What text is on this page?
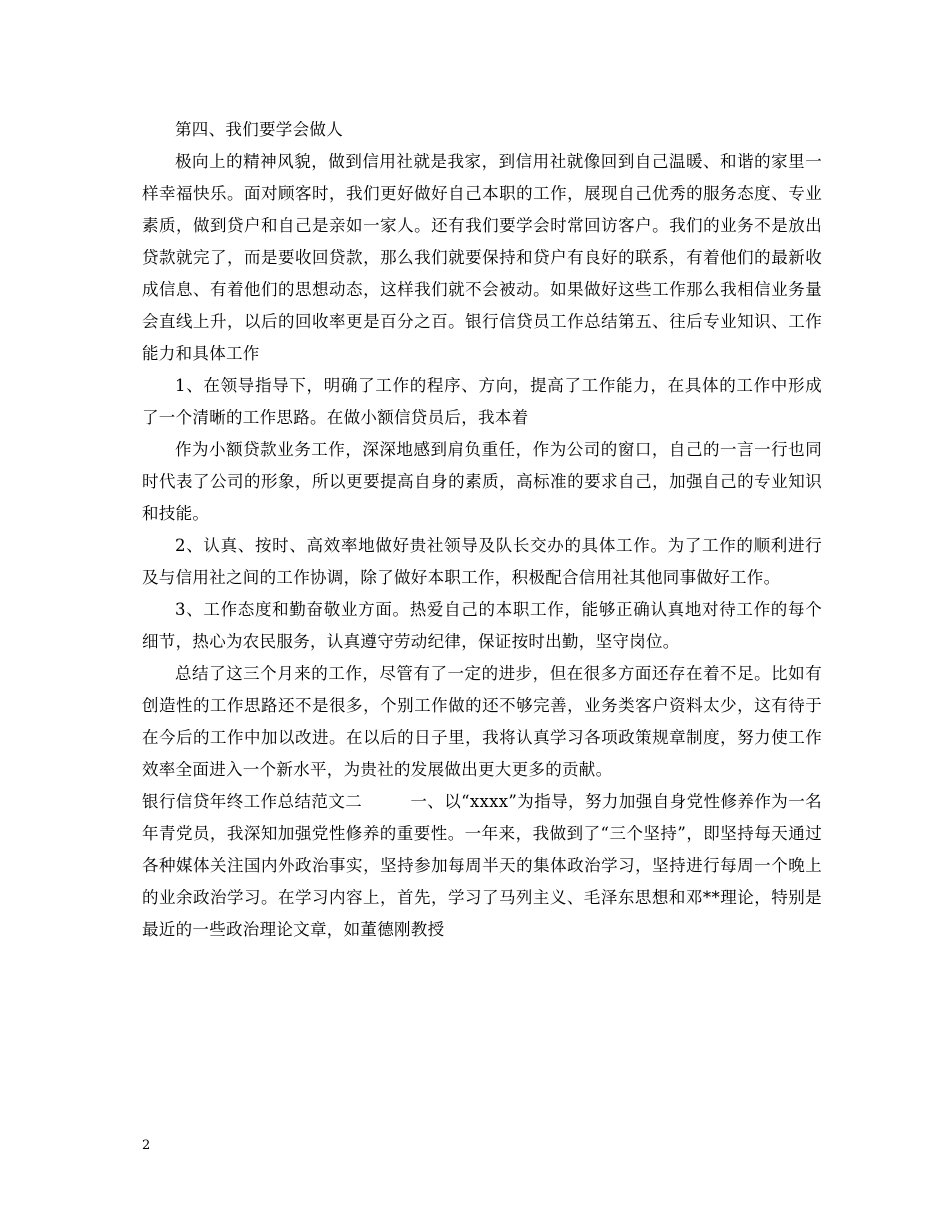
第四、我们要学会做人

极向上的精神风貌，做到信用社就是我家，到信用社就像回到自己温暖、和谐的家里一样幸福快乐。面对顾客时，我们更好做好自己本职的工作，展现自己优秀的服务态度、专业素质，做到贷户和自己是亲如一家人。还有我们要学会时常回访客户。我们的业务不是放出贷款就完了，而是要收回贷款，那么我们就要保持和贷户有良好的联系，有着他们的最新收成信息、有着他们的思想动态，这样我们就不会被动。如果做好这些工作那么我相信业务量会直线上升，以后的回收率更是百分之百。银行信贷员工作总结第五、往后专业知识、工作能力和具体工作

1、在领导指导下，明确了工作的程序、方向，提高了工作能力，在具体的工作中形成了一个清晰的工作思路。在做小额信贷员后，我本着

作为小额贷款业务工作，深深地感到肩负重任，作为公司的窗口，自己的一言一行也同时代表了公司的形象，所以更要提高自身的素质，高标准的要求自己，加强自己的专业知识和技能。

2、认真、按时、高效率地做好贵社领导及队长交办的具体工作。为了工作的顺利进行及与信用社之间的工作协调，除了做好本职工作，积极配合信用社其他同事做好工作。

3、工作态度和勤奋敬业方面。热爱自己的本职工作，能够正确认真地对待工作的每个细节，热心为农民服务，认真遵守劳动纪律，保证按时出勤，坚守岗位。

总结了这三个月来的工作，尽管有了一定的进步，但在很多方面还存在着不足。比如有创造性的工作思路还不是很多，个别工作做的还不够完善，业务类客户资料太少，这有待于在今后的工作中加以改进。在以后的日子里，我将认真学习各项政策规章制度，努力使工作效率全面进入一个新水平，为贵社的发展做出更大更多的贡献。

银行信贷年终工作总结范文二	一、以“xxxx”为指导，努力加强自身党性修养作为一名年青党员，我深知加强党性修养的重要性。一年来，我做到了“三个坚持”，即坚持每天通过各种媒体关注国内外政治事实，坚持参加每周半天的集体政治学习，坚持进行每周一个晚上的业余政治学习。在学习内容上，首先，学习了马列主义、毛泽东思想和邓**理论，特别是最近的一些政治理论文章，如董德刚教授

2
